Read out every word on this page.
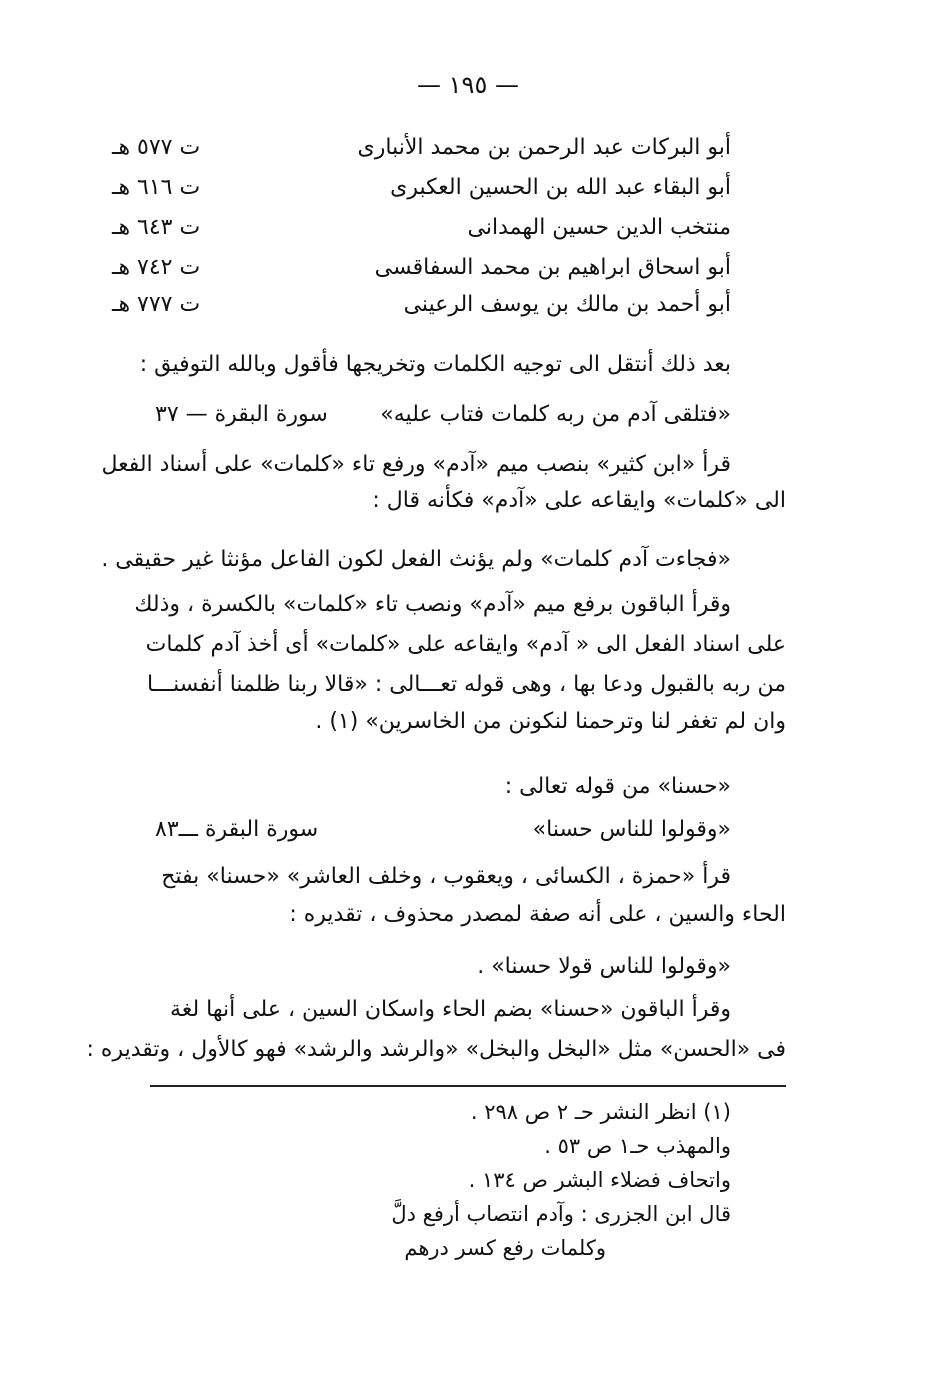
— ١٩٥ —
أبو البركات عبد الرحمن بن محمد الأنبارى
ت ٥٧٧ هـ
أبو البقاء عبد الله بن الحسين العكبرى
ت ٦١٦ هـ
منتخب الدين حسين الهمدانى
ت ٦٤٣ هـ
أبو اسحاق ابراهيم بن محمد السفاقسى
ت ٧٤٢ هـ
أبو أحمد بن مالك بن يوسف الرعينى
ت ٧٧٧ هـ
بعد ذلك أنتقل الى توجيه الكلمات وتخريجها فأقول وبالله التوفيق :
«فتلقى آدم من ربه كلمات فتاب عليه»
سورة البقرة — ٣٧
قرأ «ابن كثير» بنصب ميم «آدم» ورفع تاء «كلمات» على أسناد الفعل
الى «كلمات» وايقاعه على «آدم» فكأنه قال :
«فجاءت آدم كلمات» ولم يؤنث الفعل لكون الفاعل مؤنثا غير حقيقى .
وقرأ الباقون برفع ميم «آدم» ونصب تاء «كلمات» بالكسرة ، وذلك
على اسناد الفعل الى « آدم» وايقاعه على «كلمات» أى أخذ آدم كلمات
من ربه بالقبول ودعا بها ، وهى قوله تعـــالى : «قالا ربنا ظلمنا أنفسنـــا
وان لم تغفر لنا وترحمنا لنكونن من الخاسرين» (١) .
«حسنا» من قوله تعالى :
«وقولوا للناس حسنا»
سورة البقرة ـــ٨٣
قرأ «حمزة ، الكسائى ، ويعقوب ، وخلف العاشر» «حسنا» بفتح
الحاء والسين ، على أنه صفة لمصدر محذوف ، تقديره :
«وقولوا للناس قولا حسنا» .
وقرأ الباقون «حسنا» بضم الحاء واسكان السين ، على أنها لغة
فى «الحسن» مثل «البخل والبخل» «والرشد والرشد» فهو كالأول ، وتقديره :
(١) انظر النشر حـ ٢ ص ٢٩٨ .
والمهذب حـ١ ص ٥٣ .
واتحاف فضلاء البشر ص ١٣٤ .
قال ابن الجزرى : وآدم انتصاب أرفع دلَّ
وكلمات رفع كسر درهم
